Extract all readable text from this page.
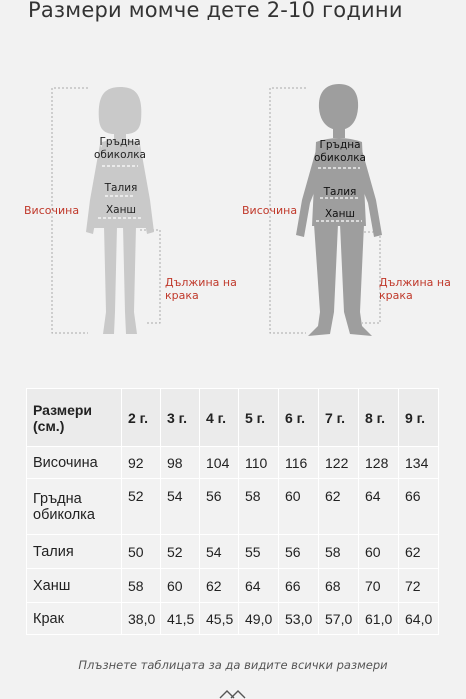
Размери момче дете 2-10 години
Гръдна
обиколка
Талия
Ханш
Височина
Дължина на
крака
Гръдна
обиколка
Талия
Ханш
Височина
Дължина на
крака
Размери
(см.)	2 г.	3 г.	4 г.	5 г.	6 г.	7 г.	8 г.	9 г.
Височина	92	98	104	110	116	122	128	134

Гръдна
обиколка	52	54	56	58	60	62	64	66
Талия	50	52	54	55	56	58	60	62
Ханш	58	60	62	64	66	68	70	72
Крак	38,0	41,5	45,5	49,0	53,0	57,0	61,0	64,0
Плъзнете таблицата за да видите всички размери
